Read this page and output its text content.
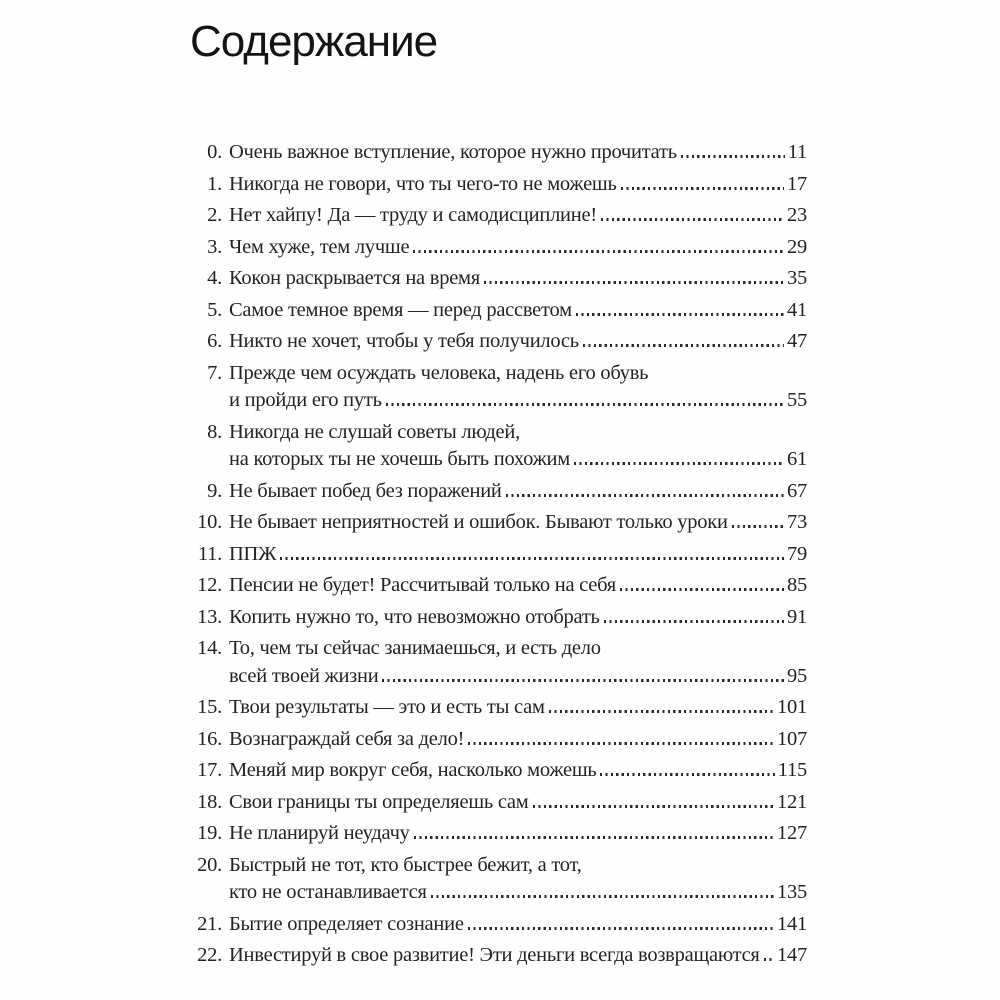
Содержание
0. Очень важное вступление, которое нужно прочитать	11
1. Никогда не говори, что ты чего-то не можешь	17
2. Нет хайпу! Да — труду и самодисциплине!	23
3. Чем хуже, тем лучше	29
4. Кокон раскрывается на время	35
5. Самое темное время — перед рассветом	41
6. Никто не хочет, чтобы у тебя получилось	47
7. Прежде чем осуждать человека, надень его обувь
и пройди его путь	55
8. Никогда не слушай советы людей,
на которых ты не хочешь быть похожим	61
9. Не бывает побед без поражений	67
10. Не бывает неприятностей и ошибок. Бывают только уроки	73
11. ППЖ	79
12. Пенсии не будет! Рассчитывай только на себя	85
13. Копить нужно то, что невозможно отобрать	91
14. То, чем ты сейчас занимаешься, и есть дело
всей твоей жизни	95
15. Твои результаты — это и есть ты сам	101
16. Вознаграждай себя за дело!	107
17. Меняй мир вокруг себя, насколько можешь	115
18. Свои границы ты определяешь сам	121
19. Не планируй неудачу	127
20. Быстрый не тот, кто быстрее бежит, а тот,
кто не останавливается	135
21. Бытие определяет сознание	141
22. Инвестируй в свое развитие! Эти деньги всегда возвращаются 147
